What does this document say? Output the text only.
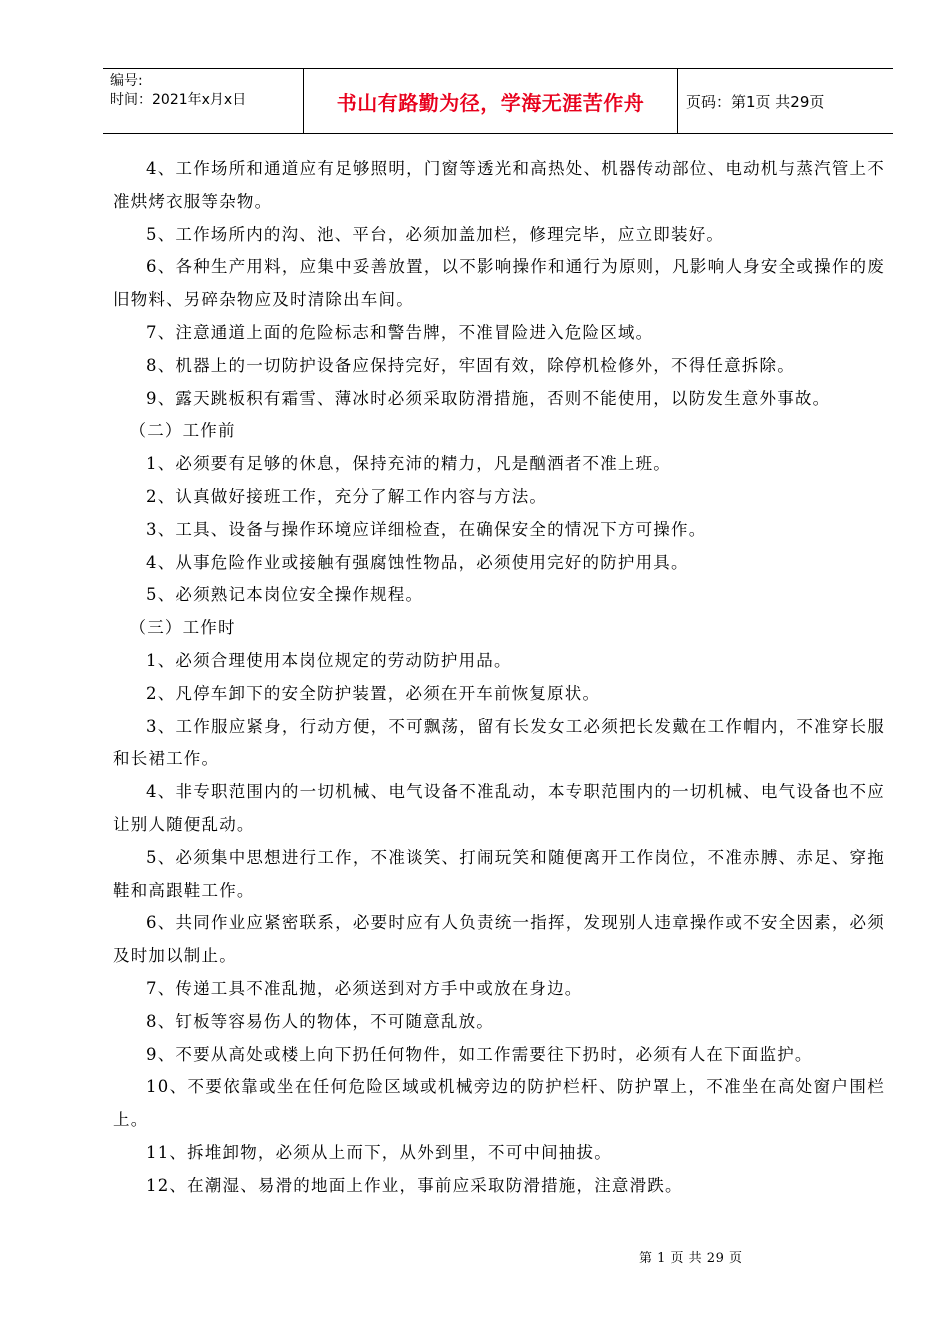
编号:
时间：2021年x月x日	书山有路勤为径，学海无涯苦作舟	页码：第1页 共29页

4、工作场所和通道应有足够照明，门窗等透光和高热处、机器传动部位、电动机与蒸汽管上不准烘烤衣服等杂物。

5、工作场所内的沟、池、平台，必须加盖加栏，修理完毕，应立即装好。

6、各种生产用料，应集中妥善放置，以不影响操作和通行为原则，凡影响人身安全或操作的废旧物料、另碎杂物应及时清除出车间。

7、注意通道上面的危险标志和警告牌，不准冒险进入危险区域。

8、机器上的一切防护设备应保持完好，牢固有效，除停机检修外，不得任意拆除。

9、露天跳板积有霜雪、薄冰时必须采取防滑措施，否则不能使用，以防发生意外事故。

（二）工作前

1、必须要有足够的休息，保持充沛的精力，凡是酗酒者不准上班。

2、认真做好接班工作，充分了解工作内容与方法。

3、工具、设备与操作环境应详细检查，在确保安全的情况下方可操作。

4、从事危险作业或接触有强腐蚀性物品，必须使用完好的防护用具。

5、必须熟记本岗位安全操作规程。

（三）工作时

1、必须合理使用本岗位规定的劳动防护用品。

2、凡停车卸下的安全防护装置，必须在开车前恢复原状。

3、工作服应紧身，行动方便，不可飘荡，留有长发女工必须把长发戴在工作帽内，不准穿长服和长裙工作。

4、非专职范围内的一切机械、电气设备不准乱动，本专职范围内的一切机械、电气设备也不应让别人随便乱动。

5、必须集中思想进行工作，不准谈笑、打闹玩笑和随便离开工作岗位，不准赤膊、赤足、穿拖鞋和高跟鞋工作。

6、共同作业应紧密联系，必要时应有人负责统一指挥，发现别人违章操作或不安全因素，必须及时加以制止。

7、传递工具不准乱抛，必须送到对方手中或放在身边。

8、钉板等容易伤人的物体，不可随意乱放。

9、不要从高处或楼上向下扔任何物件，如工作需要往下扔时，必须有人在下面监护。

10、不要依靠或坐在任何危险区域或机械旁边的防护栏杆、防护罩上，不准坐在高处窗户围栏上。

11、拆堆卸物，必须从上而下，从外到里，不可中间抽拔。

12、在潮湿、易滑的地面上作业，事前应采取防滑措施，注意滑跌。

第 1 页 共 29 页
